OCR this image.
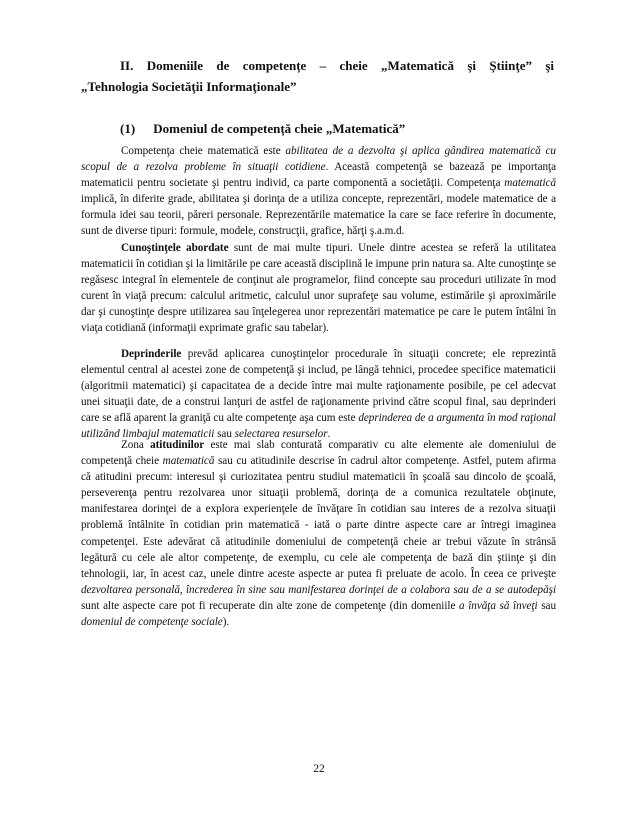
II. Domeniile de competențe – cheie „Matematică şi Ştiinţe” şi
„Tehnologia Societăţii Informaţionale”
(1) Domeniul de competență cheie „Matematică”

Competenţa cheie matematică este abilitatea de a dezvolta şi aplica gândirea matematică cu scopul de a rezolva probleme în situaţii cotidiene. Această competenţă se bazează pe importanţa matematicii pentru societate şi pentru individ, ca parte componentă a societăţii. Competenţa matematică implică, în diferite grade, abilitatea şi dorinţa de a utiliza concepte, reprezentări, modele matematice de a formula idei sau teorii, păreri personale. Reprezentările matematice la care se face referire în documente, sunt de diverse tipuri: formule, modele, construcţii, grafice, hărţi ş.a.m.d.

Cunoştinţele abordate sunt de mai multe tipuri. Unele dintre acestea se referă la utilitatea matematicii în cotidian şi la limitările pe care această disciplină le impune prin natura sa. Alte cunoştinţe se regăsesc integral în elementele de conţinut ale programelor, fiind concepte sau proceduri utilizate în mod curent în viaţă precum: calculul aritmetic, calculul unor suprafeţe sau volume, estimările şi aproximările dar şi cunoştinţe despre utilizarea sau înţelegerea unor reprezentări matematice pe care le putem întâlni în viaţa cotidiană (informaţii exprimate grafic sau tabelar).

Deprinderile prevăd aplicarea cunoştinţelor procedurale în situaţii concrete; ele reprezintă elementul central al acestei zone de competenţă şi includ, pe lângă tehnici, procedee specifice matematicii (algoritmii matematici) şi capacitatea de a decide între mai multe raţionamente posibile, pe cel adecvat unei situaţii date, de a construi lanţuri de astfel de raţionamente privind către scopul final, sau deprinderi care se află aparent la graniţă cu alte competenţe aşa cum este deprinderea de a argumenta în mod raţional utilizând limbajul matematicii sau selectarea resurselor.

Zona atitudinilor este mai slab conturată comparativ cu alte elemente ale domeniului de competenţă cheie matematică sau cu atitudinile descrise în cadrul altor competenţe. Astfel, putem afirma că atitudini precum: interesul şi curiozitatea pentru studiul matematicii în şcoală sau dincolo de şcoală, perseverenţa pentru rezolvarea unor situaţii problemă, dorinţa de a comunica rezultatele obţinute, manifestarea dorinţei de a explora experienţele de învăţare în cotidian sau interes de a rezolva situaţii problemă întâlnite în cotidian prin matematică - iată o parte dintre aspecte care ar întregi imaginea competenţei. Este adevărat că atitudinile domeniului de competenţă cheie ar trebui văzute în strânsă legătură cu cele ale altor competenţe, de exemplu, cu cele ale competenţa de bază din ştiinţe şi din tehnologii, iar, în acest caz, unele dintre aceste aspecte ar putea fi preluate de acolo. În ceea ce priveşte dezvoltarea personală, încrederea în sine sau manifestarea dorinţei de a colabora sau de a se autodepăşi sunt alte aspecte care pot fi recuperate din alte zone de competenţe (din domeniile a învăţa să înveţi sau domeniul de competenţe sociale).

22
